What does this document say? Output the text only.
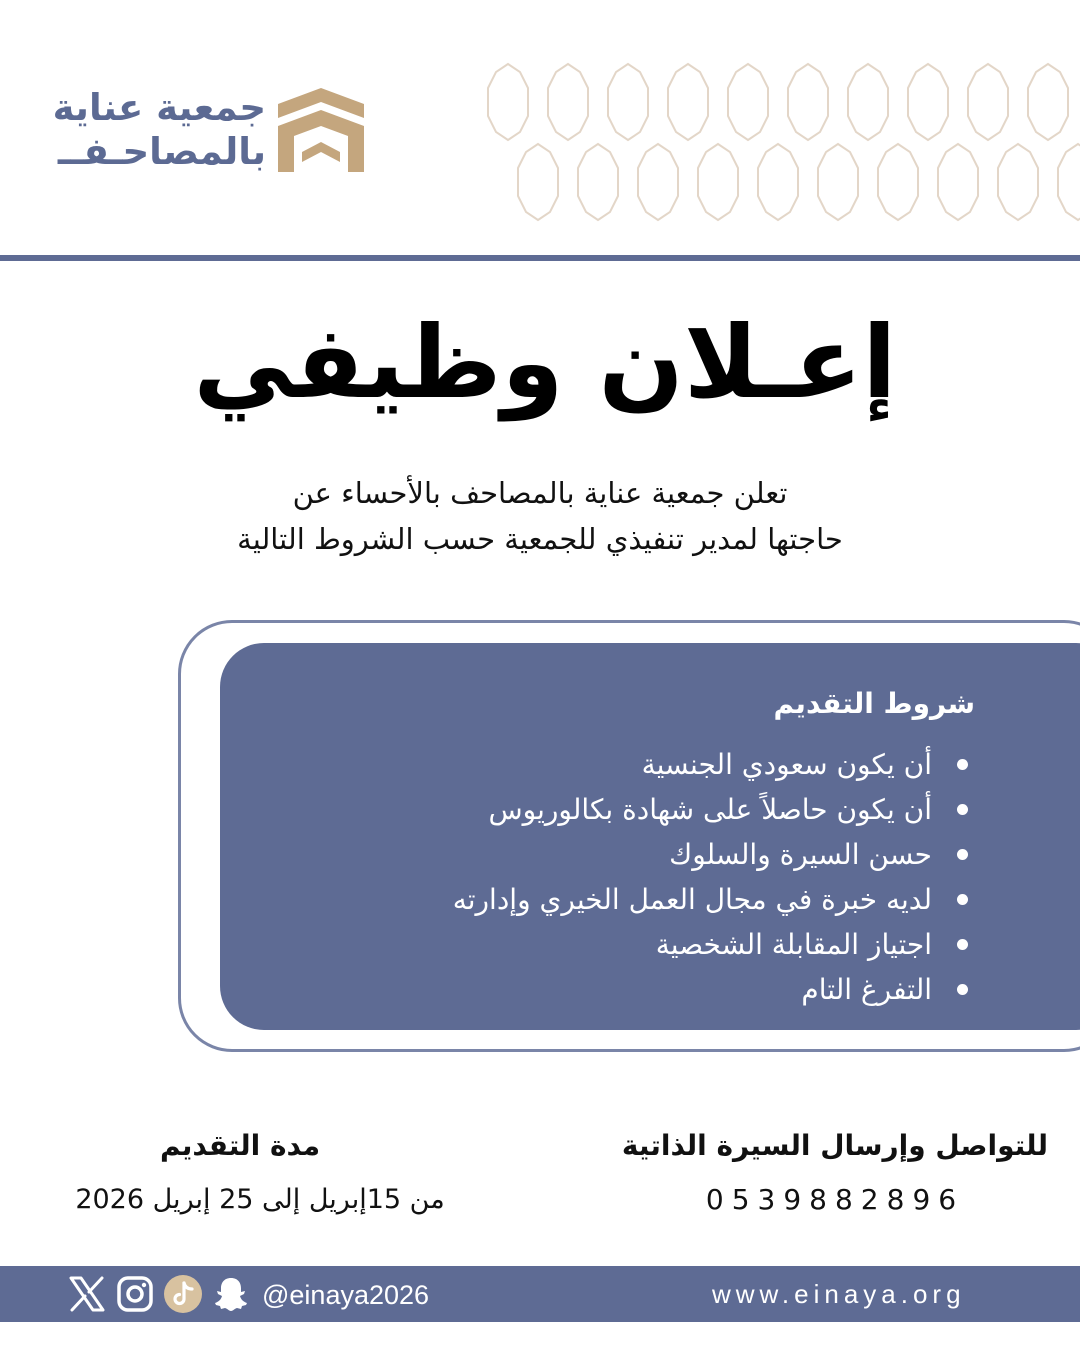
جمعية عناية
بالمصاحـفــ
إعـلان وظيفي
تعلن جمعية عناية بالمصاحف بالأحساء عن
حاجتها لمدير تنفيذي للجمعية حسب الشروط التالية
شروط التقديم
أن يكون سعودي الجنسية
أن يكون حاصلاً على شهادة بكالوريوس
حسن السيرة والسلوك
لديه خبرة في مجال العمل الخيري وإدارته
اجتياز المقابلة الشخصية
التفرغ التام
للتواصل وإرسال السيرة الذاتية
0539882896
مدة التقديم
من 15إبريل إلى 25 إبريل 2026
www.einaya.org
@einaya2026
